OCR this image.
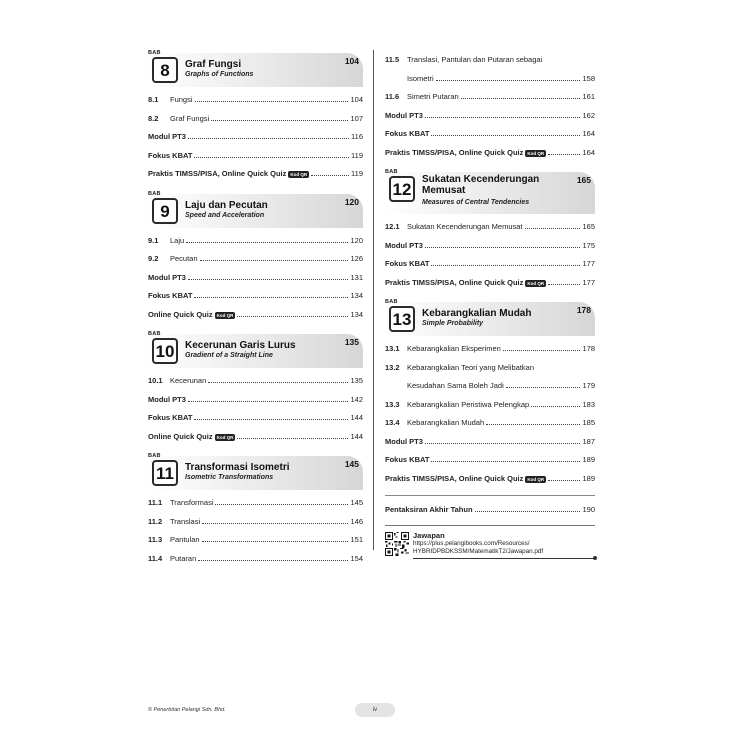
BAB
8	Graf Fungsi
Graphs of Functions
104
8.1	Fungsi	104
8.2	Graf Fungsi	107
Modul PT3	116
Fokus KBAT	119
Praktis TIMSS/PISA, Online Quick Quiz Kod QR	119
BAB
9	Laju dan Pecutan
Speed and Acceleration
120
9.1	Laju	120
9.2	Pecutan	126
Modul PT3	131
Fokus KBAT	134
Online Quick Quiz Kod QR	134
BAB
10	Kecerunan Garis Lurus
Gradient of a Straight Line
135
10.1 Kecerunan	135
Modul PT3	142
Fokus KBAT	144
Online Quick Quiz Kod QR	144
BAB
11	Transformasi Isometri
Isometric Transformations
145
11.1	Transformasi	145
11.2	Translasi	146
11.3	Pantulan	151
11.4	Putaran	154
11.5 Translasi, Pantulan dan Putaran sebagai
Isometri	158
11.6	Simetri Putaran	161
Modul PT3	162
Fokus KBAT	164
Praktis TIMSS/PISA, Online Quick Quiz Kod QR	164
BAB
12
Sukatan Kecenderungan
Memusat
Measures of Central Tendencies
165
12.1 Sukatan Kecenderungan Memusat	165
Modul PT3	175
Fokus KBAT	177
Praktis TIMSS/PISA, Online Quick Quiz Kod QR	177
BAB
13	Kebarangkalian Mudah
Simple Probability
178
13.1 Kebarangkalian Eksperimen	178
13.2 Kebarangkalian Teori yang Melibatkan
Kesudahan Sama Boleh Jadi	179
13.3 Kebarangkalian Peristiwa Pelengkap	183
13.4 Kebarangkalian Mudah	185
Modul PT3	187
Fokus KBAT	189
Praktis TIMSS/PISA, Online Quick Quiz Kod QR	189
Pentaksiran Akhir Tahun	190
Jawapan
https://plus.pelangibooks.com/Resources/
HYBRIDPBDKSSM/MatematikT2/Jawapan.pdf
© Penerbitan Pelangi Sdn. Bhd.	iv
